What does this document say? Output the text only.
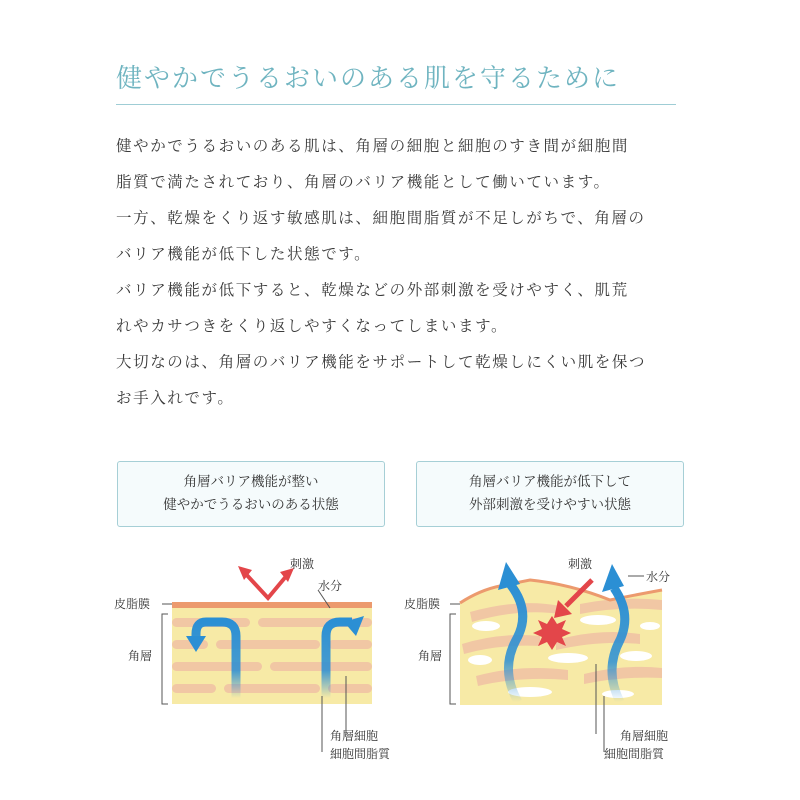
健やかでうるおいのある肌を守るために

健やかでうるおいのある肌は、角層の細胞と細胞のすき間が細胞間

脂質で満たされており、角層のバリア機能として働いています。

一方、乾燥をくり返す敏感肌は、細胞間脂質が不足しがちで、角層の

バリア機能が低下した状態です。

バリア機能が低下すると、乾燥などの外部刺激を受けやすく、肌荒

れやカサつきをくり返しやすくなってしまいます。

大切なのは、角層のバリア機能をサポートして乾燥しにくい肌を保つ

お手入れです。

角層バリア機能が整い
健やかでうるおいのある状態
角層バリア機能が低下して
外部刺激を受けやすい状態
皮脂膜
角層
刺激
水分
角層細胞
細胞間脂質
皮脂膜
角層
刺激
水分
角層細胞
細胞間脂質
